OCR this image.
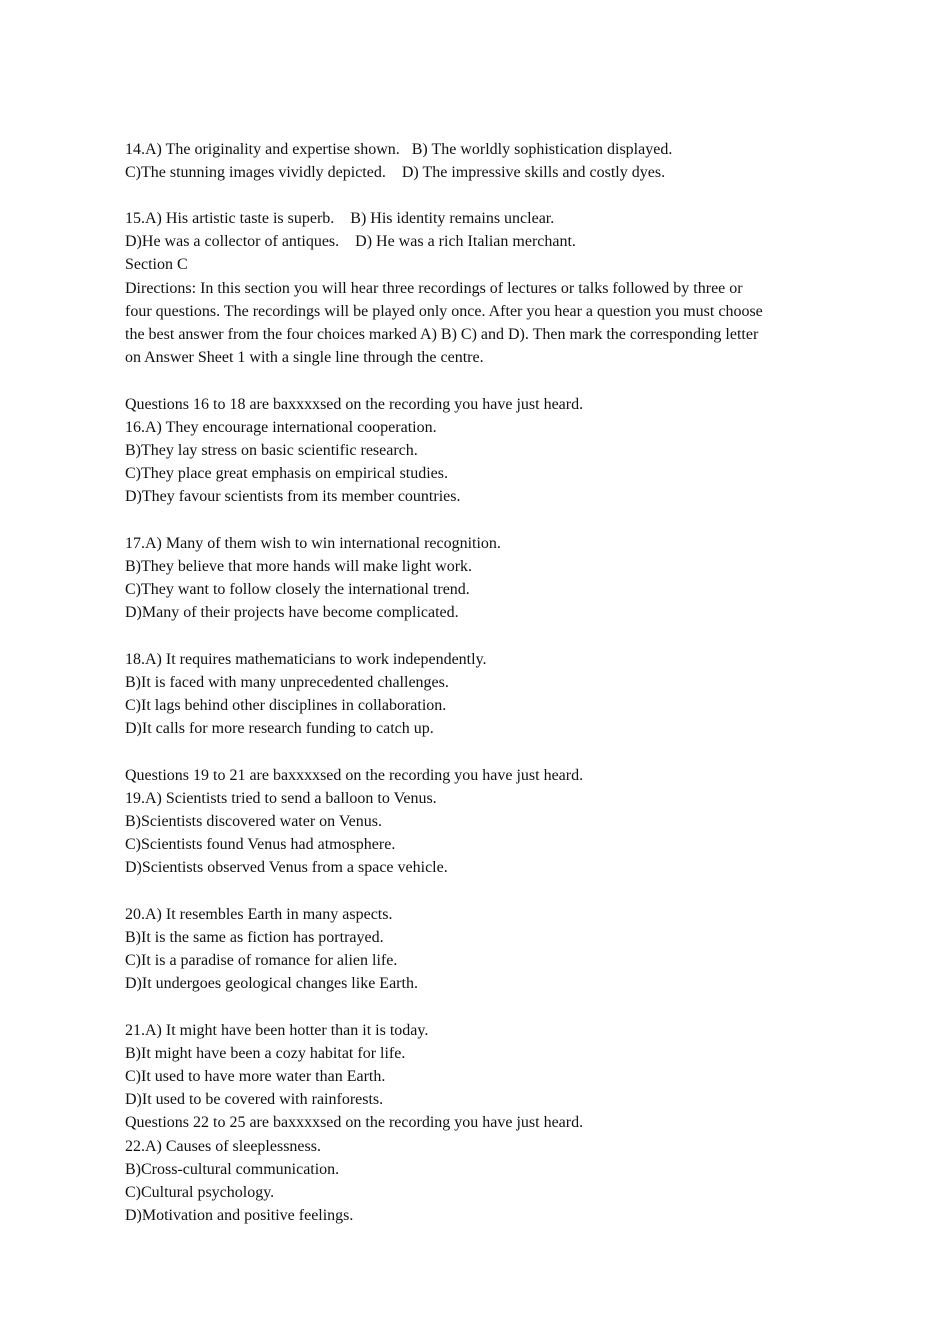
14.A) The originality and expertise shown.   B) The worldly sophistication displayed.
C)The stunning images vividly depicted.    D) The impressive skills and costly dyes.
15.A) His artistic taste is superb.    B) His identity remains unclear.
D)He was a collector of antiques.    D) He was a rich Italian merchant.
Section C
Directions: In this section you will hear three recordings of lectures or talks followed by three or
four questions. The recordings will be played only once. After you hear a question you must choose
the best answer from the four choices marked A) B) C) and D). Then mark the corresponding letter
on Answer Sheet 1 with a single line through the centre.
Questions 16 to 18 are baxxxxsed on the recording you have just heard.
16.A) They encourage international cooperation.
B)They lay stress on basic scientific research.
C)They place great emphasis on empirical studies.
D)They favour scientists from its member countries.
17.A) Many of them wish to win international recognition.
B)They believe that more hands will make light work.
C)They want to follow closely the international trend.
D)Many of their projects have become complicated.
18.A) It requires mathematicians to work independently.
B)It is faced with many unprecedented challenges.
C)It lags behind other disciplines in collaboration.
D)It calls for more research funding to catch up.
Questions 19 to 21 are baxxxxsed on the recording you have just heard.
19.A) Scientists tried to send a balloon to Venus.
B)Scientists discovered water on Venus.
C)Scientists found Venus had atmosphere.
D)Scientists observed Venus from a space vehicle.
20.A) It resembles Earth in many aspects.
B)It is the same as fiction has portrayed.
C)It is a paradise of romance for alien life.
D)It undergoes geological changes like Earth.
21.A) It might have been hotter than it is today.
B)It might have been a cozy habitat for life.
C)It used to have more water than Earth.
D)It used to be covered with rainforests.
Questions 22 to 25 are baxxxxsed on the recording you have just heard.
22.A) Causes of sleeplessness.
B)Cross-cultural communication.
C)Cultural psychology.
D)Motivation and positive feelings.
